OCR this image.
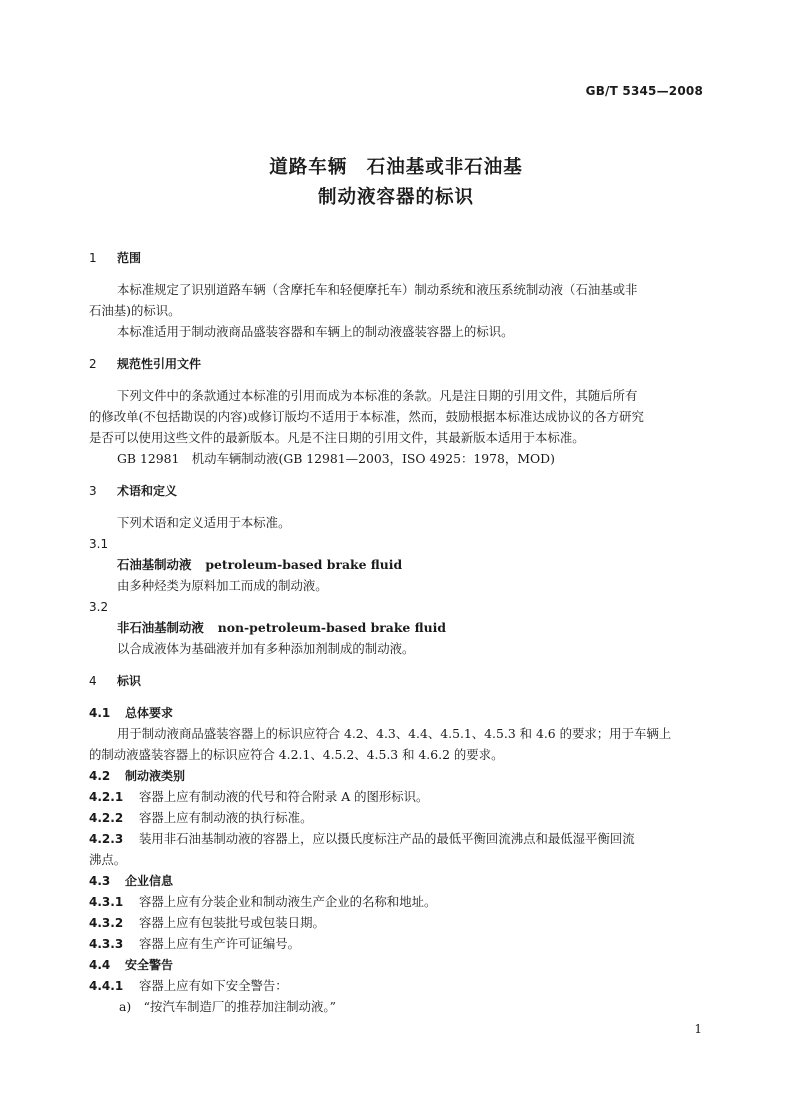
GB/T 5345—2008
道路车辆　石油基或非石油基
制动液容器的标识
1 范围
本标准规定了识别道路车辆（含摩托车和轻便摩托车）制动系统和液压系统制动液（石油基或非
石油基)的标识。
本标准适用于制动液商品盛装容器和车辆上的制动液盛装容器上的标识。
2 规范性引用文件
下列文件中的条款通过本标准的引用而成为本标准的条款。凡是注日期的引用文件，其随后所有
的修改单(不包括勘误的内容)或修订版均不适用于本标准，然而，鼓励根据本标准达成协议的各方研究
是否可以使用这些文件的最新版本。凡是不注日期的引用文件，其最新版本适用于本标准。
GB 12981　机动车辆制动液(GB 12981—2003，ISO 4925：1978，MOD)
3 术语和定义
下列术语和定义适用于本标准。
3.1
石油基制动液 petroleum-based brake fluid
由多种烃类为原料加工而成的制动液。
3.2
非石油基制动液 non-petroleum-based brake fluid
以合成液体为基础液并加有多种添加剂制成的制动液。
4 标识
4.1 总体要求
用于制动液商品盛装容器上的标识应符合 4.2、4.3、4.4、4.5.1、4.5.3 和 4.6 的要求；用于车辆上
的制动液盛装容器上的标识应符合 4.2.1、4.5.2、4.5.3 和 4.6.2 的要求。
4.2 制动液类别
4.2.1 容器上应有制动液的代号和符合附录 A 的图形标识。
4.2.2 容器上应有制动液的执行标准。
4.2.3 装用非石油基制动液的容器上，应以摄氏度标注产品的最低平衡回流沸点和最低湿平衡回流
沸点。
4.3 企业信息
4.3.1 容器上应有分装企业和制动液生产企业的名称和地址。
4.3.2 容器上应有包装批号或包装日期。
4.3.3 容器上应有生产许可证编号。
4.4 安全警告
4.4.1 容器上应有如下安全警告：
a)　“按汽车制造厂的推荐加注制动液。”
1
